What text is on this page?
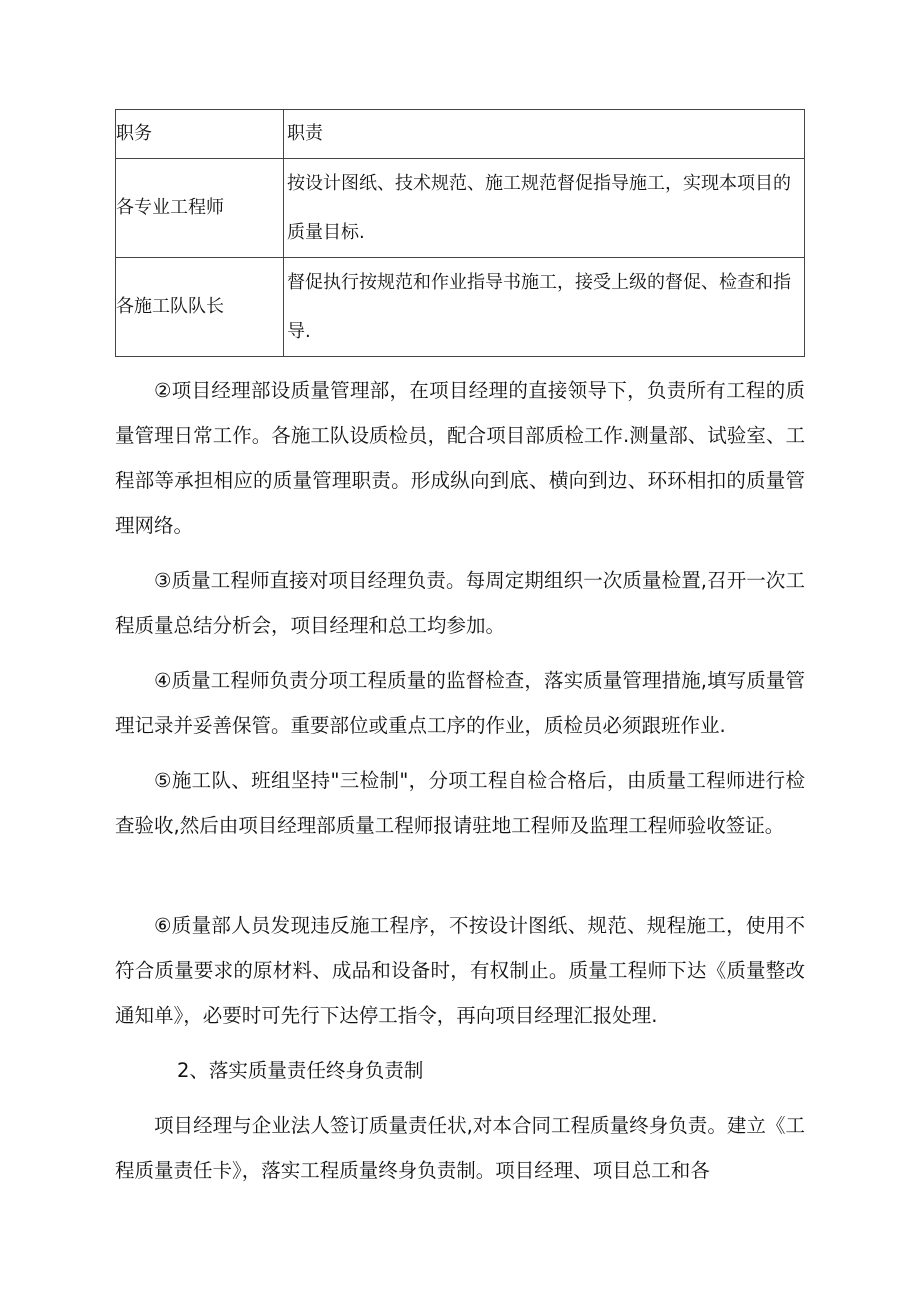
职务	职责
各专业工程师	按设计图纸、技术规范、施工规范督促指导施工，实现本项目的质量目标.

各施工队队长	督促执行按规范和作业指导书施工，接受上级的督促、检查和指导.

②项目经理部设质量管理部，在项目经理的直接领导下，负责所有工程的质量管理日常工作。各施工队设质检员，配合项目部质检工作.测量部、试验室、工程部等承担相应的质量管理职责。形成纵向到底、横向到边、环环相扣的质量管理网络。

③质量工程师直接对项目经理负责。每周定期组织一次质量检置,召开一次工程质量总结分析会，项目经理和总工均参加。

④质量工程师负责分项工程质量的监督检查，落实质量管理措施,填写质量管理记录并妥善保管。重要部位或重点工序的作业，质检员必须跟班作业.

⑤施工队、班组坚持"三检制"，分项工程自检合格后，由质量工程师进行检查验收,然后由项目经理部质量工程师报请驻地工程师及监理工程师验收签证。

⑥质量部人员发现违反施工程序，不按设计图纸、规范、规程施工，使用不符合质量要求的原材料、成品和设备时，有权制止。质量工程师下达《质量整改通知单》，必要时可先行下达停工指令，再向项目经理汇报处理.

2、落实质量责任终身负责制

项目经理与企业法人签订质量责任状,对本合同工程质量终身负责。建立《工程质量责任卡》，落实工程质量终身负责制。项目经理、项目总工和各
